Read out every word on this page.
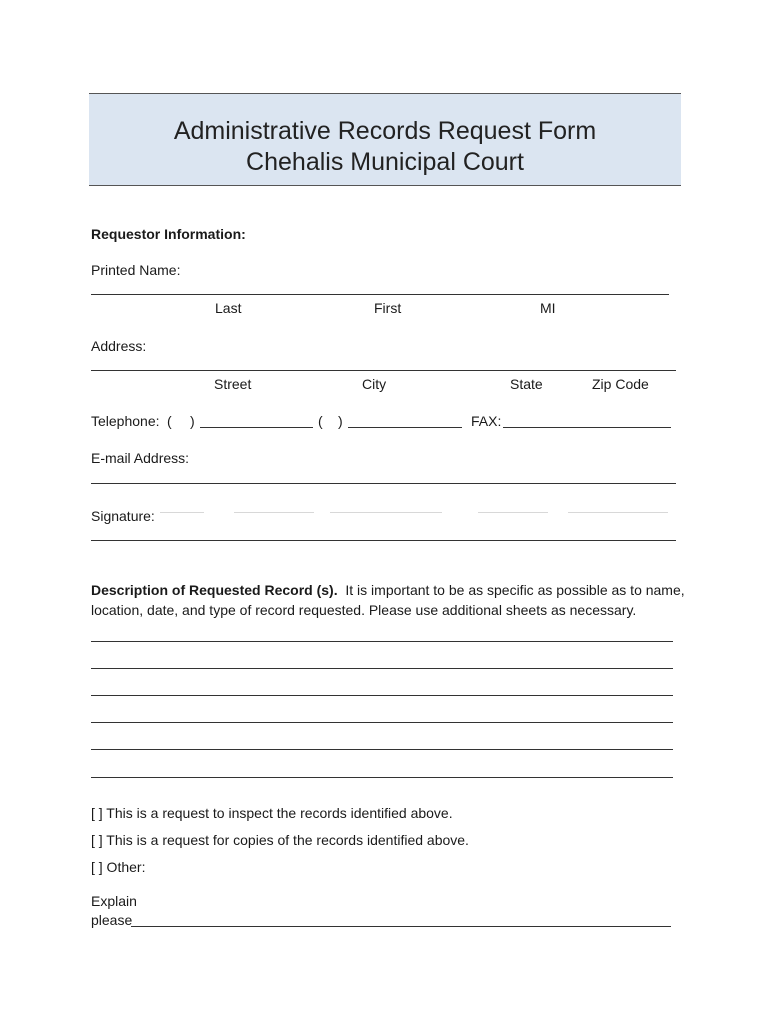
Administrative Records Request Form
Chehalis Municipal Court
Requestor Information:
Printed Name:
Last	First	MI
Address:
Street	City	State	Zip Code
Telephone: ( )	( )	FAX:
E-mail Address:
Signature:
Description of Requested Record (s). It is important to be as specific as possible as to name,
location, date, and type of record requested. Please use additional sheets as necessary.
[ ] This is a request to inspect the records identified above.
[ ] This is a request for copies of the records identified above.
[ ] Other:
Explain
please
